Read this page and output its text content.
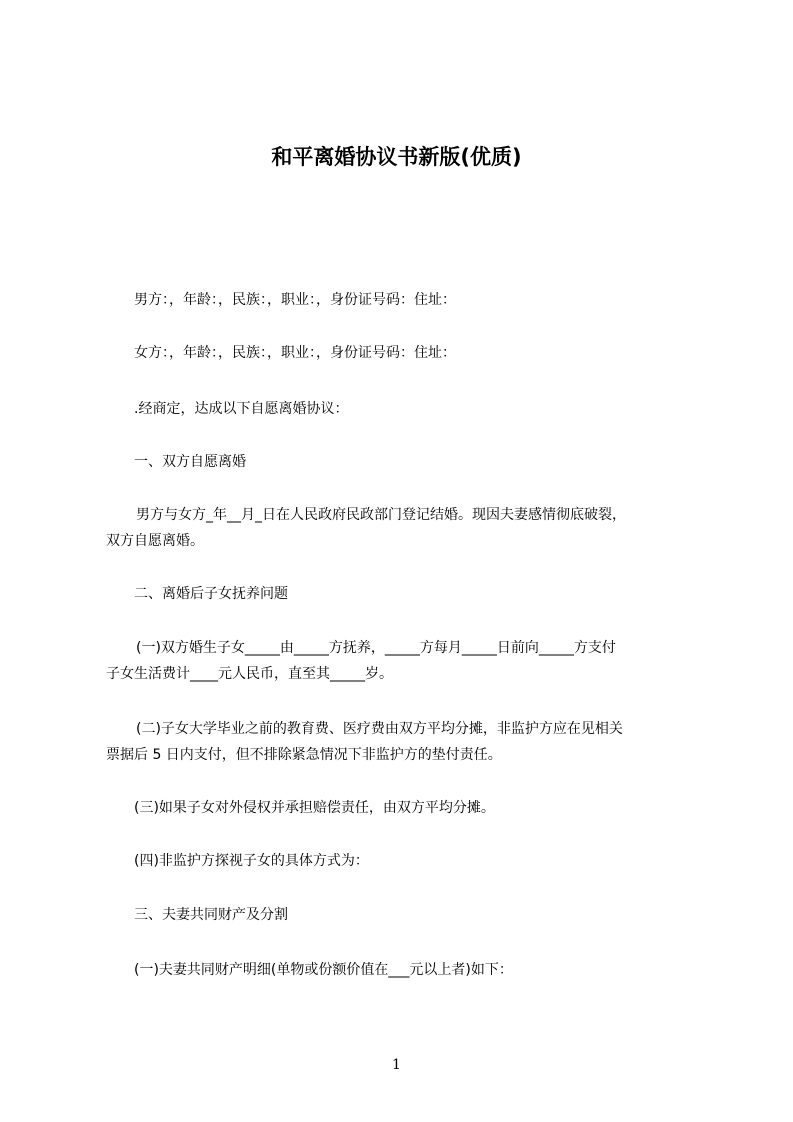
和平离婚协议书新版(优质)
男方：，年龄：，民族：，职业：，身份证号码：住址：
女方：，年龄：，民族：，职业：，身份证号码：住址：
.经商定，达成以下自愿离婚协议：
一、双方自愿离婚
男方与女方_年__月_日在人民政府民政部门登记结婚。现因夫妻感情彻底破裂，
双方自愿离婚。
二、离婚后子女抚养问题
(一)双方婚生子女_____由_____方抚养，_____方每月_____日前向_____方支付
子女生活费计____元人民币，直至其_____岁。
(二)子女大学毕业之前的教育费、医疗费由双方平均分摊，非监护方应在见相关
票据后 5 日内支付，但不排除紧急情况下非监护方的垫付责任。
(三)如果子女对外侵权并承担赔偿责任，由双方平均分摊。
(四)非监护方探视子女的具体方式为：
三、夫妻共同财产及分割
(一)夫妻共同财产明细(单物或份额价值在___元以上者)如下：
1
